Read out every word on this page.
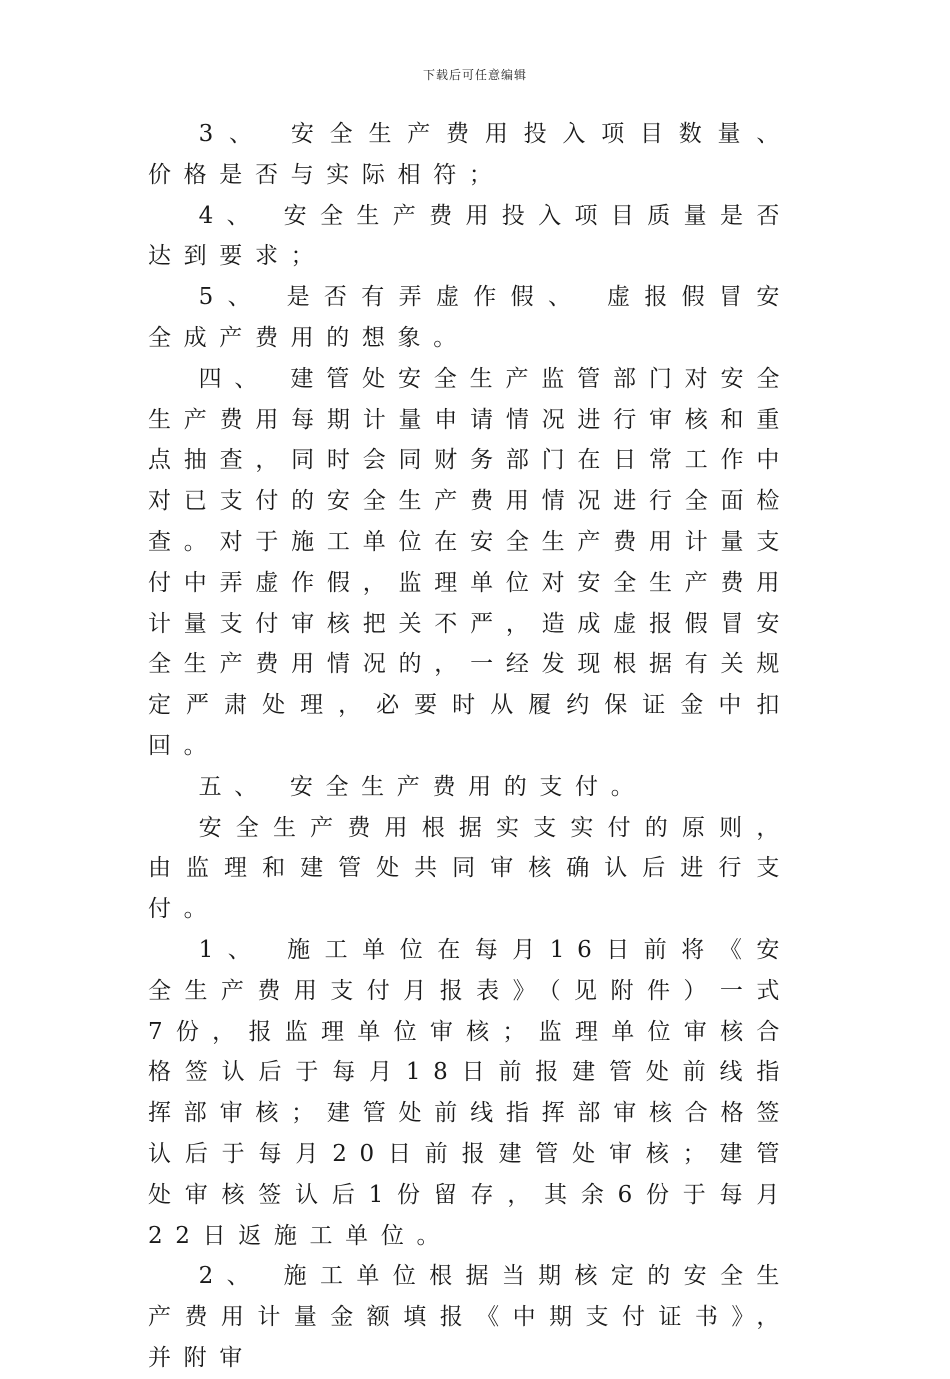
下载后可任意编辑

3、 安全生产费用投入项目数量、 价格是否与实际相符；

4、 安全生产费用投入项目质量是否达到要求；

5、 是否有弄虚作假、 虚报假冒安全成产费用的想象。

四、 建管处安全生产监管部门对安全生产费用每期计量申请情况进行审核和重点抽查，同时会同财务部门在日常工作中对已支付的安全生产费用情况进行全面检查。对于施工单位在安全生产费用计量支付中弄虚作假，监理单位对安全生产费用计量支付审核把关不严，造成虚报假冒安全生产费用情况的，一经发现根据有关规定严肃处理，必要时从履约保证金中扣回。

五、 安全生产费用的支付。

安全生产费用根据实支实付的原则，由监理和建管处共同审核确认后进行支付。

1、 施工单位在每月16日前将《安全生产费用支付月报表》（见附件）一式7份，报监理单位审核；监理单位审核合格签认后于每月18日前报建管处前线指挥部审核；建管处前线指挥部审核合格签认后于每月20日前报建管处审核；建管处审核签认后1份留存，其余6份于每月22日返施工单位。

2、 施工单位根据当期核定的安全生产费用计量金额填报《中期支付证书》，并附审
